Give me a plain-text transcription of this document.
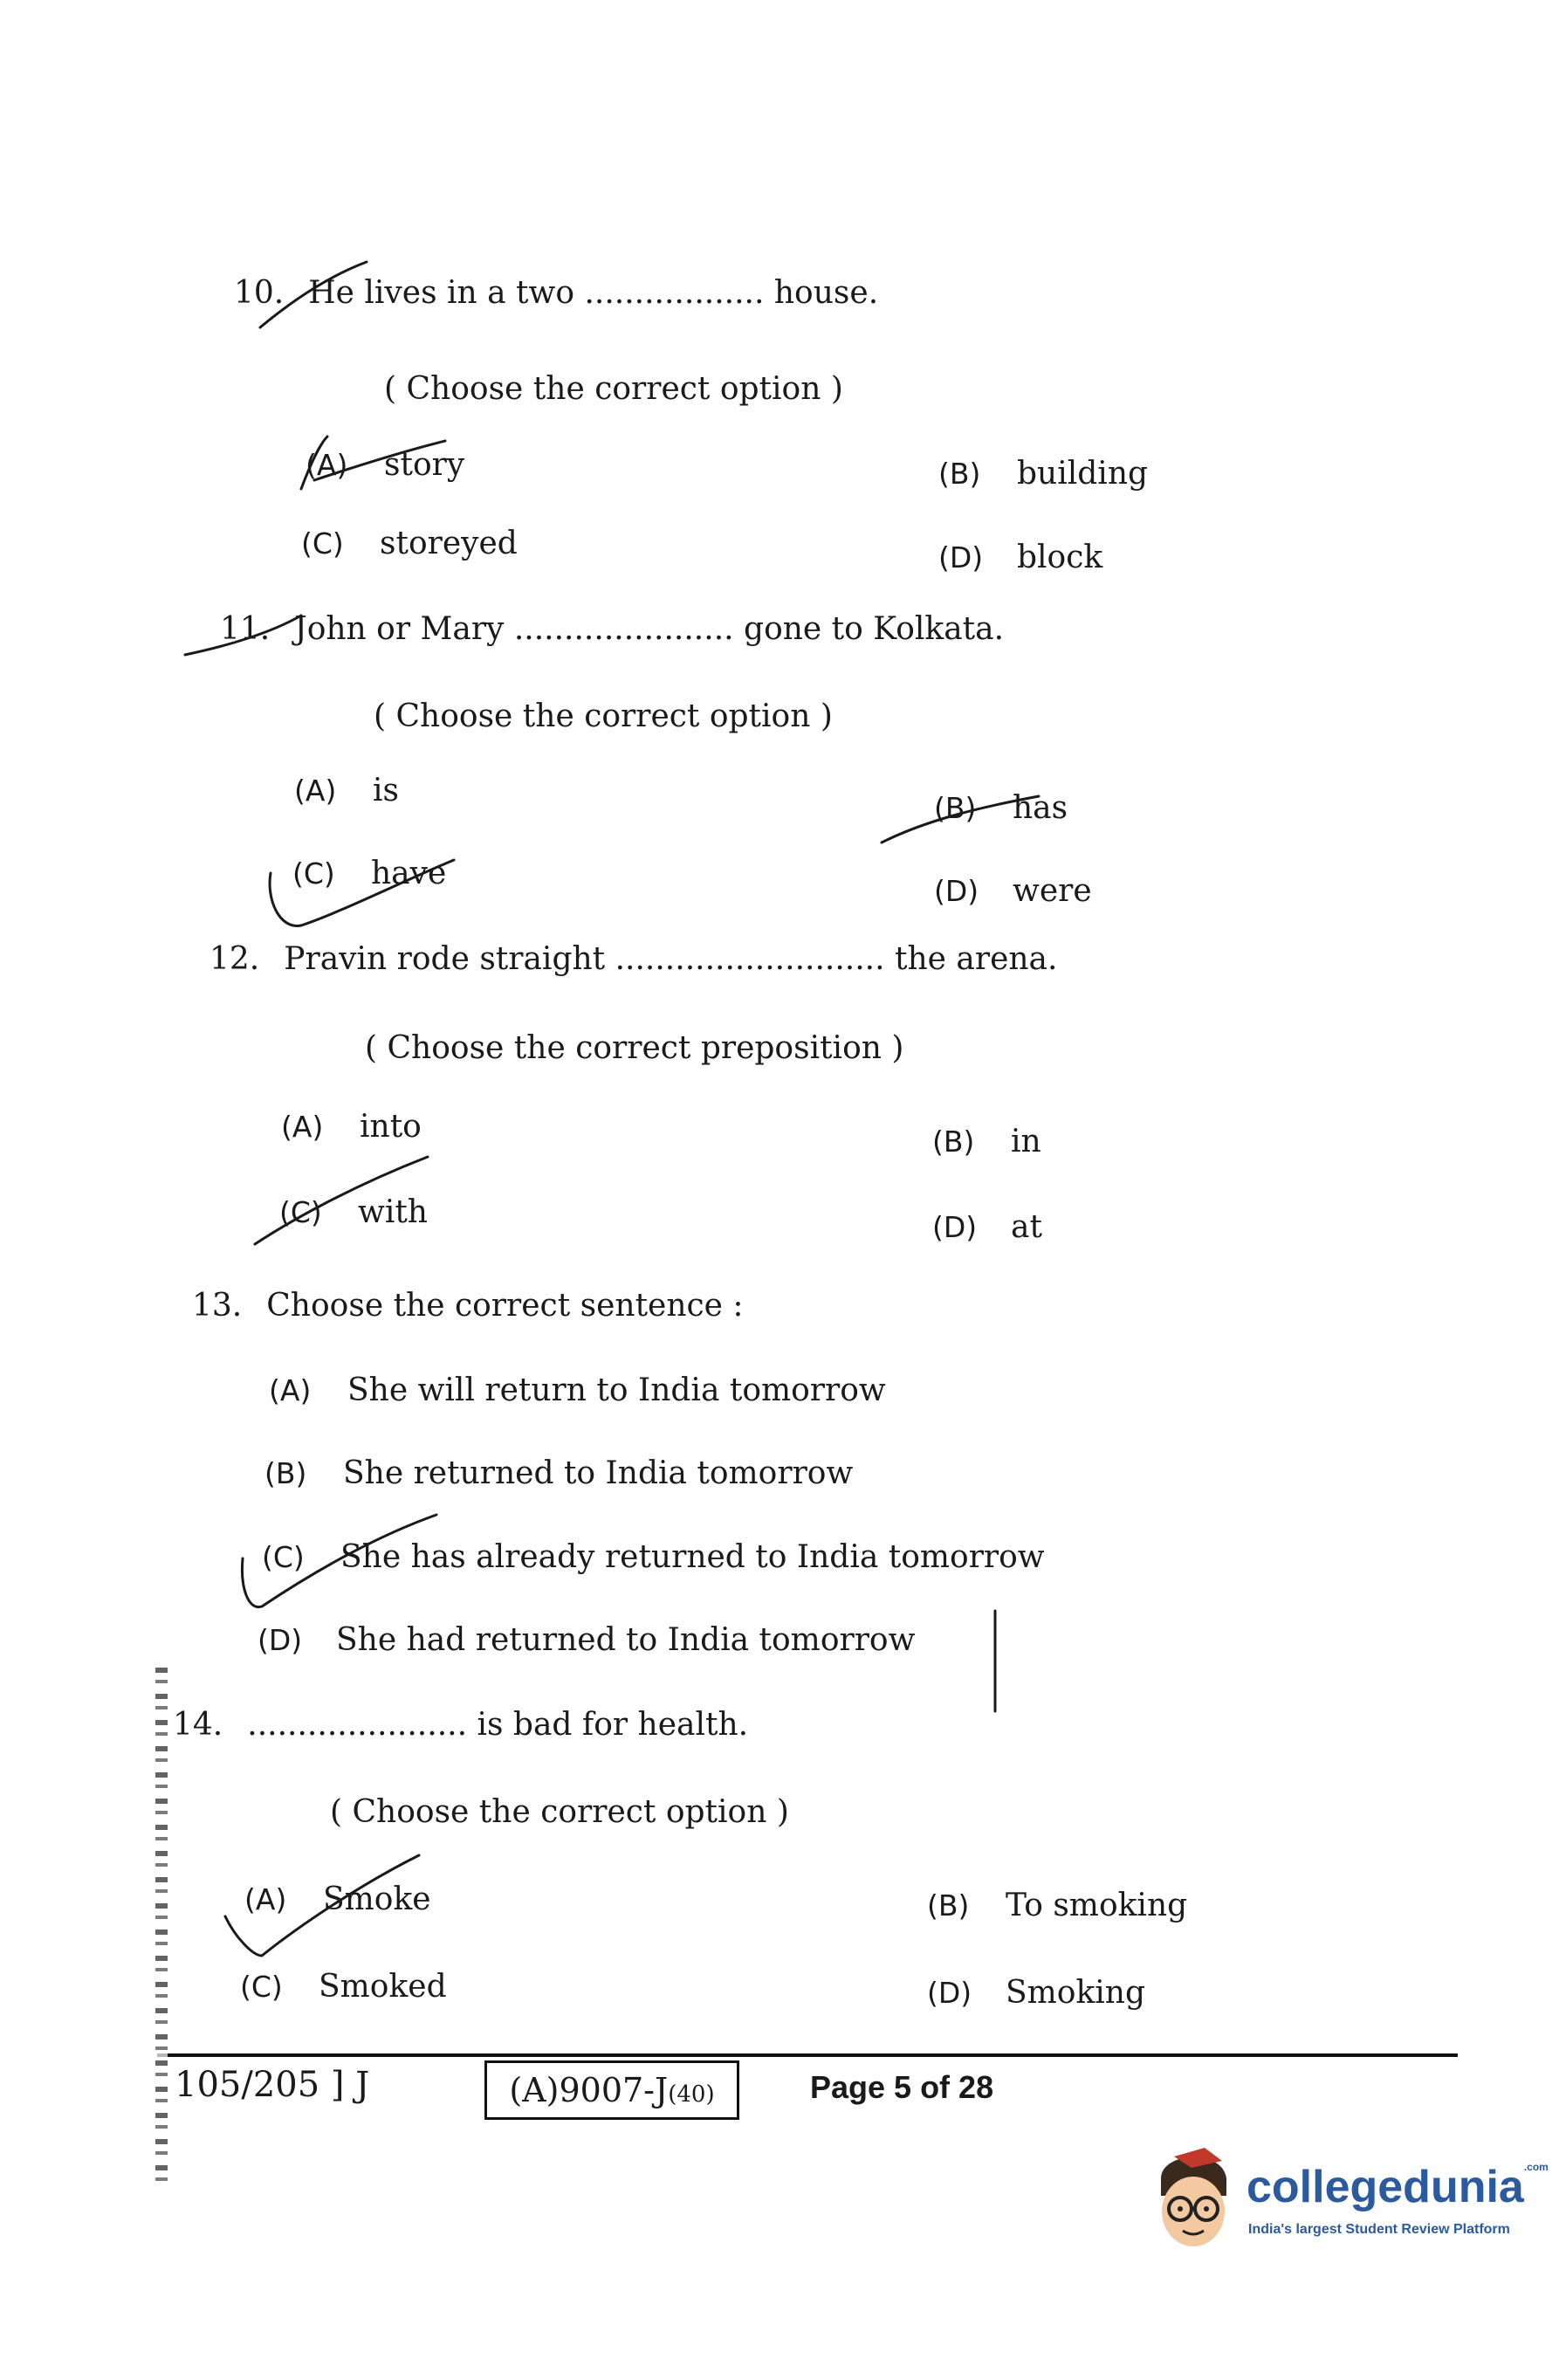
10. He lives in a two .................. house.
( Choose the correct option )
(A) story	(B) building
(C) storeyed	(D) block
11. John or Mary ...................... gone to Kolkata.
( Choose the correct option )
(A) is	(B) has
(C) have	(D) were
12. Pravin rode straight ........................... the arena.
( Choose the correct preposition )
(A) into	(B) in
(C) with	(D) at
13. Choose the correct sentence :
(A) She will return to India tomorrow
(B) She returned to India tomorrow
(C) She has already returned to India tomorrow
(D) She had returned to India tomorrow
14. ...................... is bad for health.
( Choose the correct option )
(A) Smoke	(B) To smoking
(C) Smoked	(D) Smoking
105/205 ] J	(A)9007-J(40)	Page 5 of 28
collegedunia$^{.com}$
India's largest Student Review Platform
